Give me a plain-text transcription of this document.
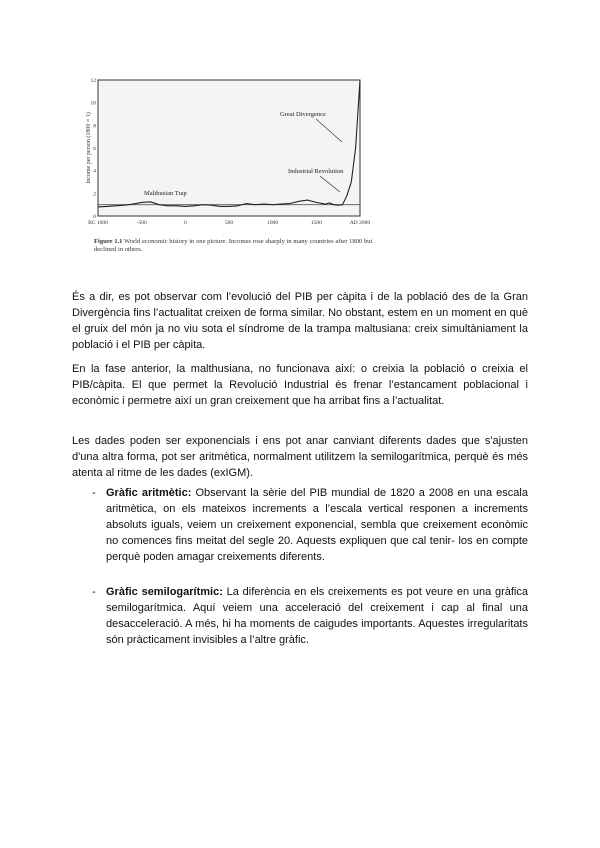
Income per person (1800 = 1)
0
2
4
6
8
10
12
BC 1000	-500	0	500	1000	1500	AD 2000
Great Divergence
Industrial Revolution
Malthusian Trap
Figure 1.1 World economic history in one picture. Incomes rose sharply in many countries after 1800 but declined in others.

És a dir, es pot observar com l’evolució del PIB per càpita i de la població des de la Gran Divergència fins l’actualitat creixen de forma similar. No obstant, estem en un moment en què el gruix del món ja no viu sota el síndrome de la trampa maltusiana: creix simultàniament la població i el PIB per càpita.

En la fase anterior, la malthusiana, no funcionava així: o creixia la població o creixia el PIB/càpita. El que permet la Revolució Industrial és frenar l’estancament poblacional i econòmic i permetre així un gran creixement que ha arribat fins a l’actualitat.

Les dades poden ser exponencials i ens pot anar canviant diferents dades que s'ajusten d'una altra forma, pot ser aritmètica, normalment utilitzem la semilogarítmica, perquè és més atenta al ritme de les dades (exIGM).

- Gràfic aritmètic: Observant la sèrie del PIB mundial de 1820 a 2008 en una escala aritmètica, on els mateixos increments a l’escala vertical responen a increments absoluts iguals, veiem un creixement exponencial, sembla que creixement econòmic no comences fins meitat del segle 20. Aquests expliquen que cal tenir- los en compte perquè poden amagar creixements diferents.

- Gràfic semilogarítmic: La diferència en els creixements es pot veure en una gràfica semilogarítmica. Aquí veiem una acceleració del creixement i cap al final una desacceleració. A més, hi ha moments de caigudes importants. Aquestes irregularitats són pràcticament invisibles a l’altre gràfic.
